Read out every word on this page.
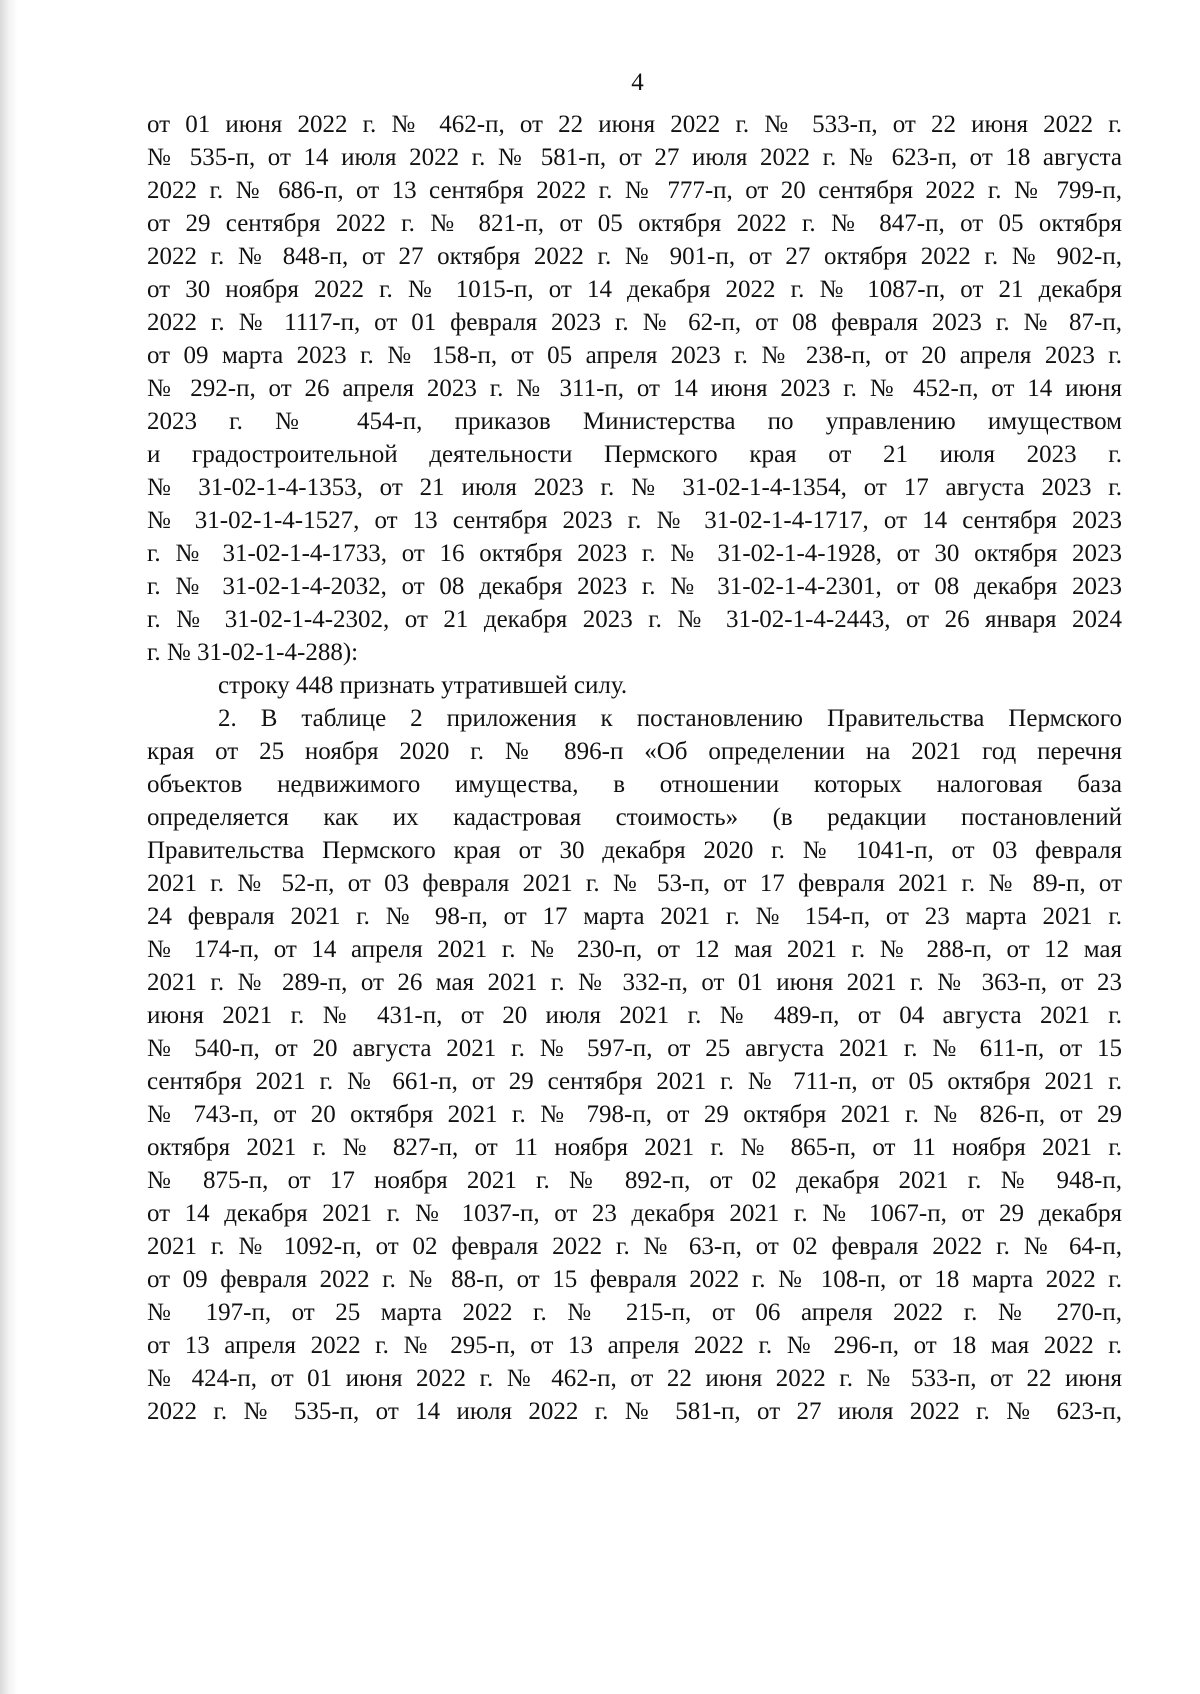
4
от 01 июня 2022 г. № 462-п, от 22 июня 2022 г. № 533-п, от 22 июня 2022 г.
№ 535-п, от 14 июля 2022 г. № 581-п, от 27 июля 2022 г. № 623-п, от 18 августа
2022 г. № 686-п, от 13 сентября 2022 г. № 777-п, от 20 сентября 2022 г. № 799-п,
от 29 сентября 2022 г. № 821-п, от 05 октября 2022 г. № 847-п, от 05 октября
2022 г. № 848-п, от 27 октября 2022 г. № 901-п, от 27 октября 2022 г. № 902-п,
от 30 ноября 2022 г. № 1015-п, от 14 декабря 2022 г. № 1087-п, от 21 декабря
2022 г. № 1117-п, от 01 февраля 2023 г. № 62-п, от 08 февраля 2023 г. № 87-п,
от 09 марта 2023 г. № 158-п, от 05 апреля 2023 г. № 238-п, от 20 апреля 2023 г.
№ 292-п, от 26 апреля 2023 г. № 311-п, от 14 июня 2023 г. № 452-п, от 14 июня
2023 г. № 454-п, приказов Министерства по управлению имуществом
и градостроительной деятельности Пермского края от 21 июля 2023 г.
№ 31-02-1-4-1353, от 21 июля 2023 г. № 31-02-1-4-1354, от 17 августа 2023 г.
№ 31-02-1-4-1527, от 13 сентября 2023 г. № 31-02-1-4-1717, от 14 сентября 2023
г. № 31-02-1-4-1733, от 16 октября 2023 г. № 31-02-1-4-1928, от 30 октября 2023
г. № 31-02-1-4-2032, от 08 декабря 2023 г. № 31-02-1-4-2301, от 08 декабря 2023
г. № 31-02-1-4-2302, от 21 декабря 2023 г. № 31-02-1-4-2443, от 26 января 2024
г. № 31-02-1-4-288):
строку 448 признать утратившей силу.
2. В таблице 2 приложения к постановлению Правительства Пермского
края от 25 ноября 2020 г. № 896-п «Об определении на 2021 год перечня
объектов недвижимого имущества, в отношении которых налоговая база
определяется как их кадастровая стоимость» (в редакции постановлений
Правительства Пермского края от 30 декабря 2020 г. № 1041-п, от 03 февраля
2021 г. № 52-п, от 03 февраля 2021 г. № 53-п, от 17 февраля 2021 г. № 89-п, от
24 февраля 2021 г. № 98-п, от 17 марта 2021 г. № 154-п, от 23 марта 2021 г.
№ 174-п, от 14 апреля 2021 г. № 230-п, от 12 мая 2021 г. № 288-п, от 12 мая
2021 г. № 289-п, от 26 мая 2021 г. № 332-п, от 01 июня 2021 г. № 363-п, от 23
июня 2021 г. № 431-п, от 20 июля 2021 г. № 489-п, от 04 августа 2021 г.
№ 540-п, от 20 августа 2021 г. № 597-п, от 25 августа 2021 г. № 611-п, от 15
сентября 2021 г. № 661-п, от 29 сентября 2021 г. № 711-п, от 05 октября 2021 г.
№ 743-п, от 20 октября 2021 г. № 798-п, от 29 октября 2021 г. № 826-п, от 29
октября 2021 г. № 827-п, от 11 ноября 2021 г. № 865-п, от 11 ноября 2021 г.
№ 875-п, от 17 ноября 2021 г. № 892-п, от 02 декабря 2021 г. № 948-п,
от 14 декабря 2021 г. № 1037-п, от 23 декабря 2021 г. № 1067-п, от 29 декабря
2021 г. № 1092-п, от 02 февраля 2022 г. № 63-п, от 02 февраля 2022 г. № 64-п,
от 09 февраля 2022 г. № 88-п, от 15 февраля 2022 г. № 108-п, от 18 марта 2022 г.
№ 197-п, от 25 марта 2022 г. № 215-п, от 06 апреля 2022 г. № 270-п,
от 13 апреля 2022 г. № 295-п, от 13 апреля 2022 г. № 296-п, от 18 мая 2022 г.
№ 424-п, от 01 июня 2022 г. № 462-п, от 22 июня 2022 г. № 533-п, от 22 июня
2022 г. № 535-п, от 14 июля 2022 г. № 581-п, от 27 июля 2022 г. № 623-п,
